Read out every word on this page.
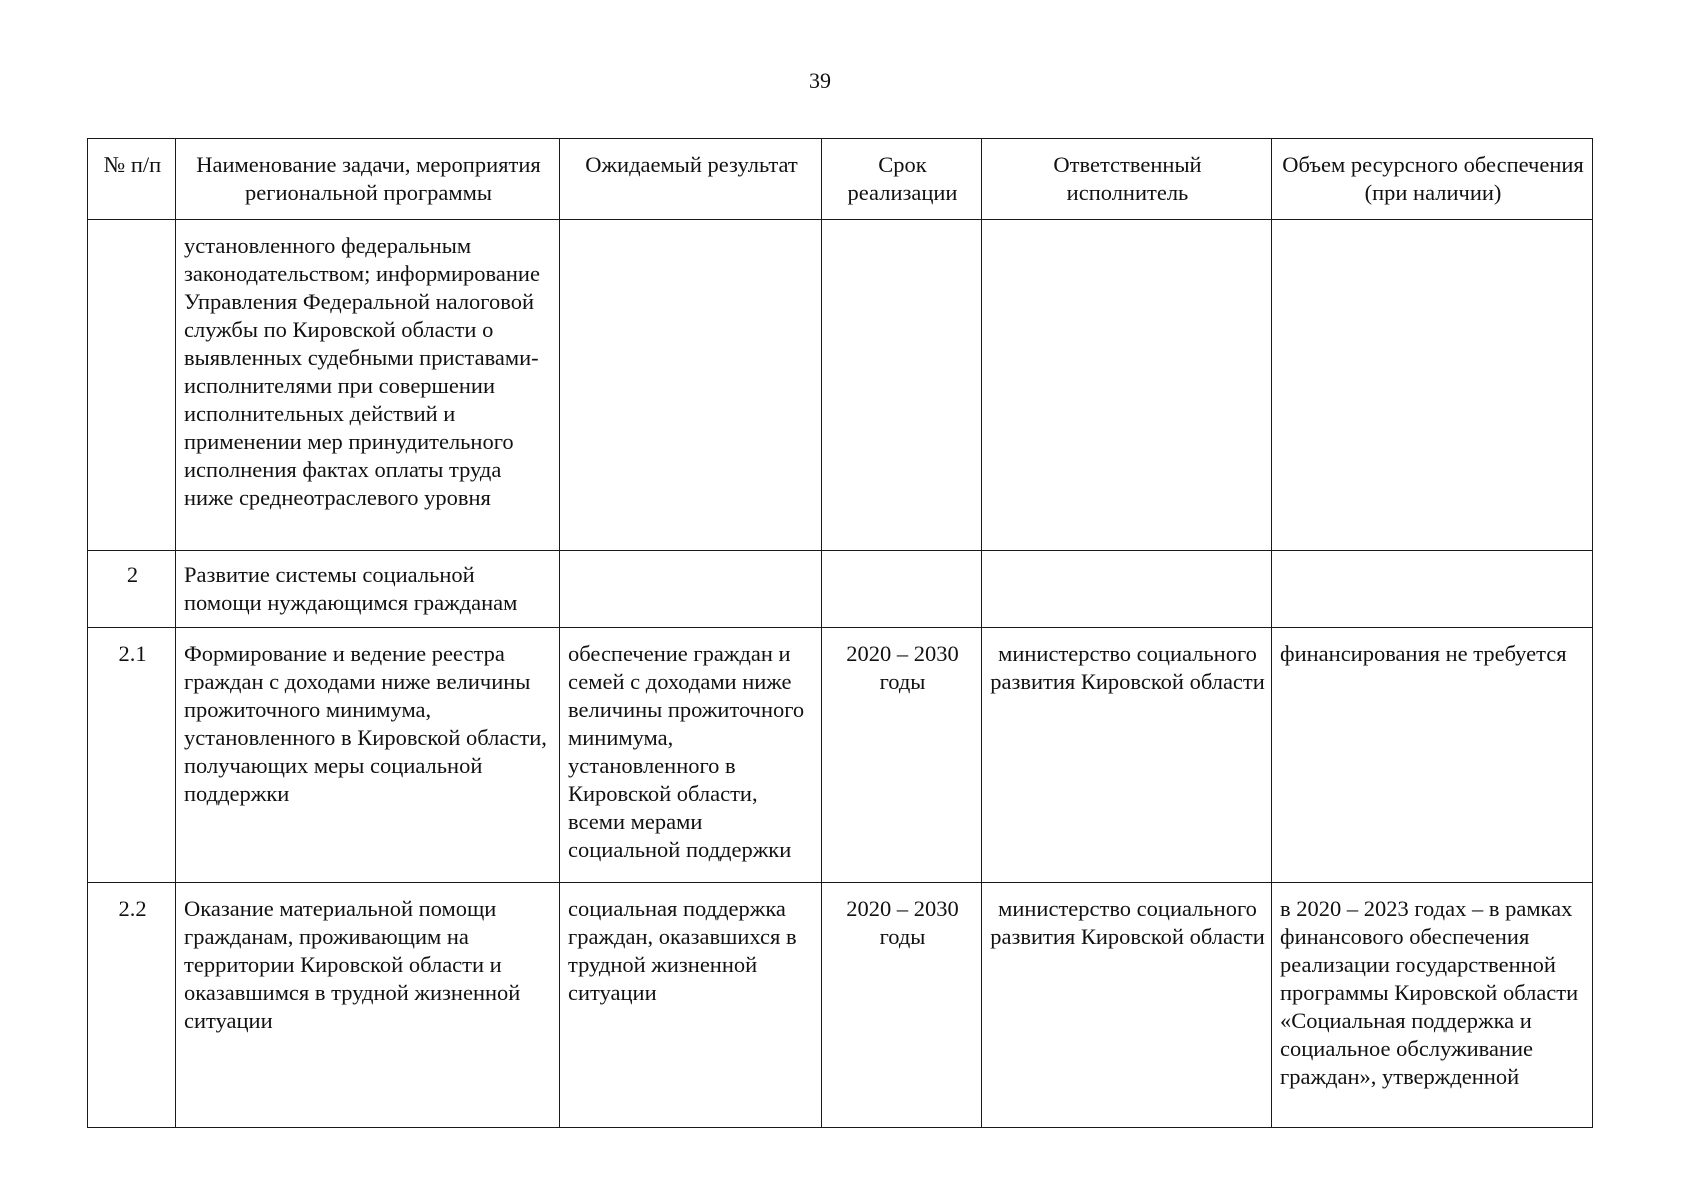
39
№ п/п	Наименование задачи, мероприятия региональной программы	Ожидаемый результат	Срок реализации	Ответственный исполнитель	Объем ресурсного обеспечения (при наличии)
	установленного федеральным законодательством; информирование Управления Федеральной налоговой службы по Кировской области о выявленных судебными приставами-исполнителями при совершении исполнительных действий и применении мер принудительного исполнения фактах оплаты труда ниже среднеотраслевого уровня				
2	Развитие системы социальной помощи нуждающимся гражданам				
2.1	Формирование и ведение реестра граждан с доходами ниже величины прожиточного минимума, установленного в Кировской области, получающих меры социальной поддержки	обеспечение граждан и семей с доходами ниже величины прожиточного минимума, установленного в Кировской области, всеми мерами социальной поддержки	2020 – 2030 годы	министерство социального развития Кировской области	финансирования не требуется
2.2	Оказание материальной помощи гражданам, проживающим на территории Кировской области и оказавшимся в трудной жизненной ситуации	социальная поддержка граждан, оказавшихся в трудной жизненной ситуации	2020 – 2030 годы	министерство социального развития Кировской области	в 2020 – 2023 годах – в рамках финансового обеспечения реализации государственной программы Кировской области «Социальная поддержка и социальное обслуживание граждан», утвержденной
